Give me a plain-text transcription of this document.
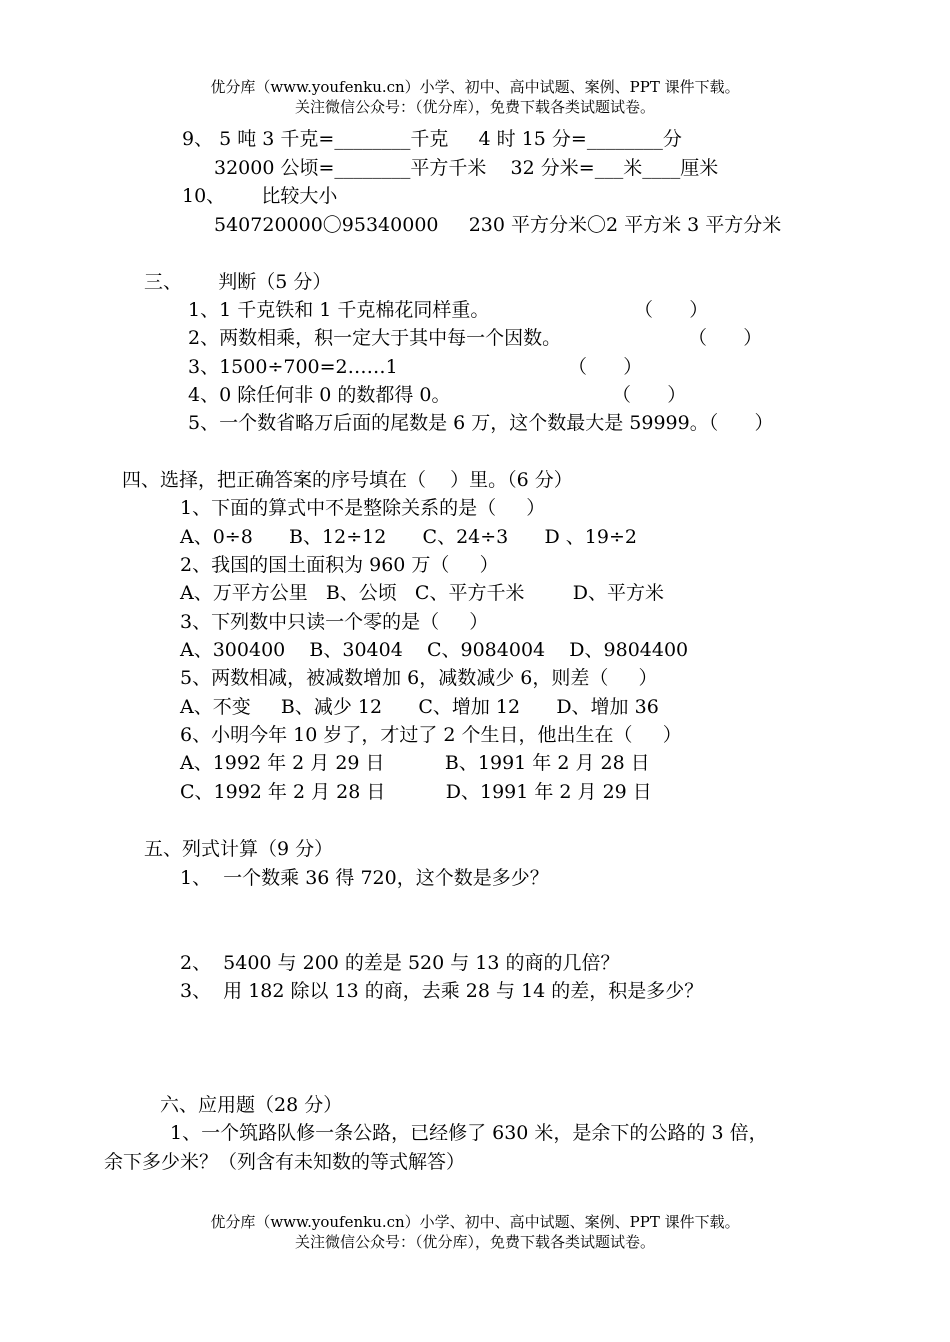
优分库（www.youfenku.cn）小学、初中、高中试题、案例、PPT 课件下载。
关注微信公众号：（优分库），免费下载各类试题试卷。
9、 5 吨 3 千克=________千克     4 时 15 分=________分
32000 公顷=________平方千米    32 分米=___米____厘米
10、      比较大小
540720000〇95340000     230 平方分米〇2 平方米 3 平方分米
三、      判断（5 分）
1、1 千克铁和 1 千克棉花同样重。	（      ）
2、两数相乘，积一定大于其中每一个因数。	（      ）
3、1500÷700=2……1	（      ）
4、0 除任何非 0 的数都得 0。	（      ）
5、一个数省略万后面的尾数是 6 万，这个数最大是 59999。（      ）
四、选择，把正确答案的序号填在（    ）里。（6 分）
1、下面的算式中不是整除关系的是（     ）
A、0÷8      B、12÷12      C、24÷3      D 、19÷2
2、我国的国土面积为 960 万（     ）
A、万平方公里   B、公顷   C、平方千米        D、平方米
3、下列数中只读一个零的是（     ）
A、300400    B、30404    C、9084004    D、9804400
5、两数相减，被减数增加 6，减数减少 6，则差（     ）
A、不变     B、减少 12      C、增加 12      D、增加 36
6、小明今年 10 岁了，才过了 2 个生日，他出生在（     ）
A、1992 年 2 月 29 日          B、1991 年 2 月 28 日
C、1992 年 2 月 28 日          D、1991 年 2 月 29 日
五、列式计算（9 分）
1、  一个数乘 36 得 720，这个数是多少？
2、  5400 与 200 的差是 520 与 13 的商的几倍？
3、  用 182 除以 13 的商，去乘 28 与 14 的差，积是多少？
六、应用题（28 分）
1、一个筑路队修一条公路，已经修了 630 米，是余下的公路的 3 倍，
余下多少米？（列含有未知数的等式解答）
优分库（www.youfenku.cn）小学、初中、高中试题、案例、PPT 课件下载。
关注微信公众号：（优分库），免费下载各类试题试卷。
